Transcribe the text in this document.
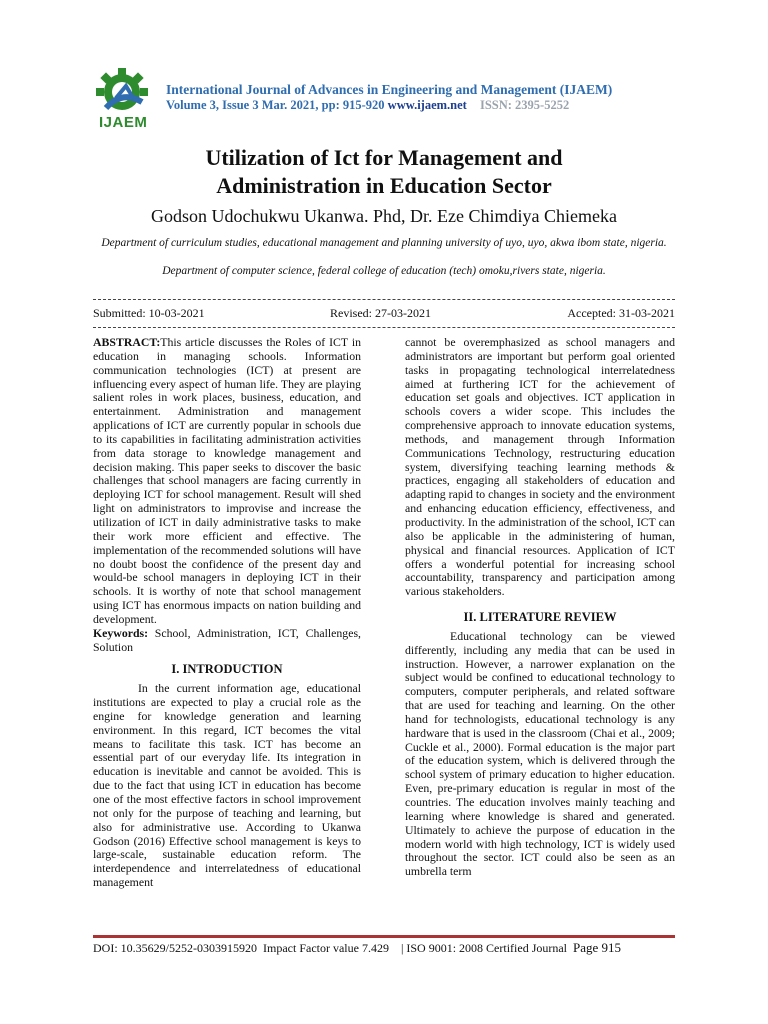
IJAEM
International Journal of Advances in Engineering and Management (IJAEM)
Volume 3, Issue 3 Mar. 2021, pp: 915-920 www.ijaem.net ISSN: 2395-5252
Utilization of Ict for Management and
Administration in Education Sector
Godson Udochukwu Ukanwa. Phd, Dr. Eze Chimdiya Chiemeka
Department of curriculum studies, educational management and planning university of uyo, uyo, akwa ibom state, nigeria.
Department of computer science, federal college of education (tech) omoku,rivers state, nigeria.
Submitted: 10-03-2021	Revised: 27-03-2021	Accepted: 31-03-2021

ABSTRACT:This article discusses the Roles of ICT in education in managing schools. Information communication technologies (ICT) at present are influencing every aspect of human life. They are playing salient roles in work places, business, education, and entertainment. Administration and management applications of ICT are currently popular in schools due to its capabilities in facilitating administration activities from data storage to knowledge management and decision making. This paper seeks to discover the basic challenges that school managers are facing currently in deploying ICT for school management. Result will shed light on administrators to improvise and increase the utilization of ICT in daily administrative tasks to make their work more efficient and effective. The implementation of the recommended solutions will have no doubt boost the confidence of the present day and would-be school managers in deploying ICT in their schools. It is worthy of note that school management using ICT has enormous impacts on nation building and development.

Keywords: School, Administration, ICT, Challenges, Solution

I. INTRODUCTION

In the current information age, educational institutions are expected to play a crucial role as the engine for knowledge generation and learning environment. In this regard, ICT becomes the vital means to facilitate this task. ICT has become an essential part of our everyday life. Its integration in education is inevitable and cannot be avoided. This is due to the fact that using ICT in education has become one of the most effective factors in school improvement not only for the purpose of teaching and learning, but also for administrative use. According to Ukanwa Godson (2016) Effective school management is keys to large-scale, sustainable education reform. The interdependence and interrelatedness of educational management

cannot be overemphasized as school managers and administrators are important but perform goal oriented tasks in propagating technological interrelatedness aimed at furthering ICT for the achievement of education set goals and objectives. ICT application in schools covers a wider scope. This includes the comprehensive approach to innovate education systems, methods, and management through Information Communications Technology, restructuring education system, diversifying teaching learning methods & practices, engaging all stakeholders of education and adapting rapid to changes in society and the environment and enhancing education efficiency, effectiveness, and productivity. In the administration of the school, ICT can also be applicable in the administering of human, physical and financial resources. Application of ICT offers a wonderful potential for increasing school accountability, transparency and participation among various stakeholders.

II. LITERATURE REVIEW

Educational technology can be viewed differently, including any media that can be used in instruction. However, a narrower explanation on the subject would be confined to educational technology to computers, computer peripherals, and related software that are used for teaching and learning. On the other hand for technologists, educational technology is any hardware that is used in the classroom (Chai et al., 2009; Cuckle et al., 2000). Formal education is the major part of the education system, which is delivered through the school system of primary education to higher education. Even, pre-primary education is regular in most of the countries. The education involves mainly teaching and learning where knowledge is shared and generated. Ultimately to achieve the purpose of education in the modern world with high technology, ICT is widely used throughout the sector. ICT could also be seen as an umbrella term

DOI: 10.35629/5252-0303915920 Impact Factor value 7.429 | ISO 9001: 2008 Certified Journal Page 915
